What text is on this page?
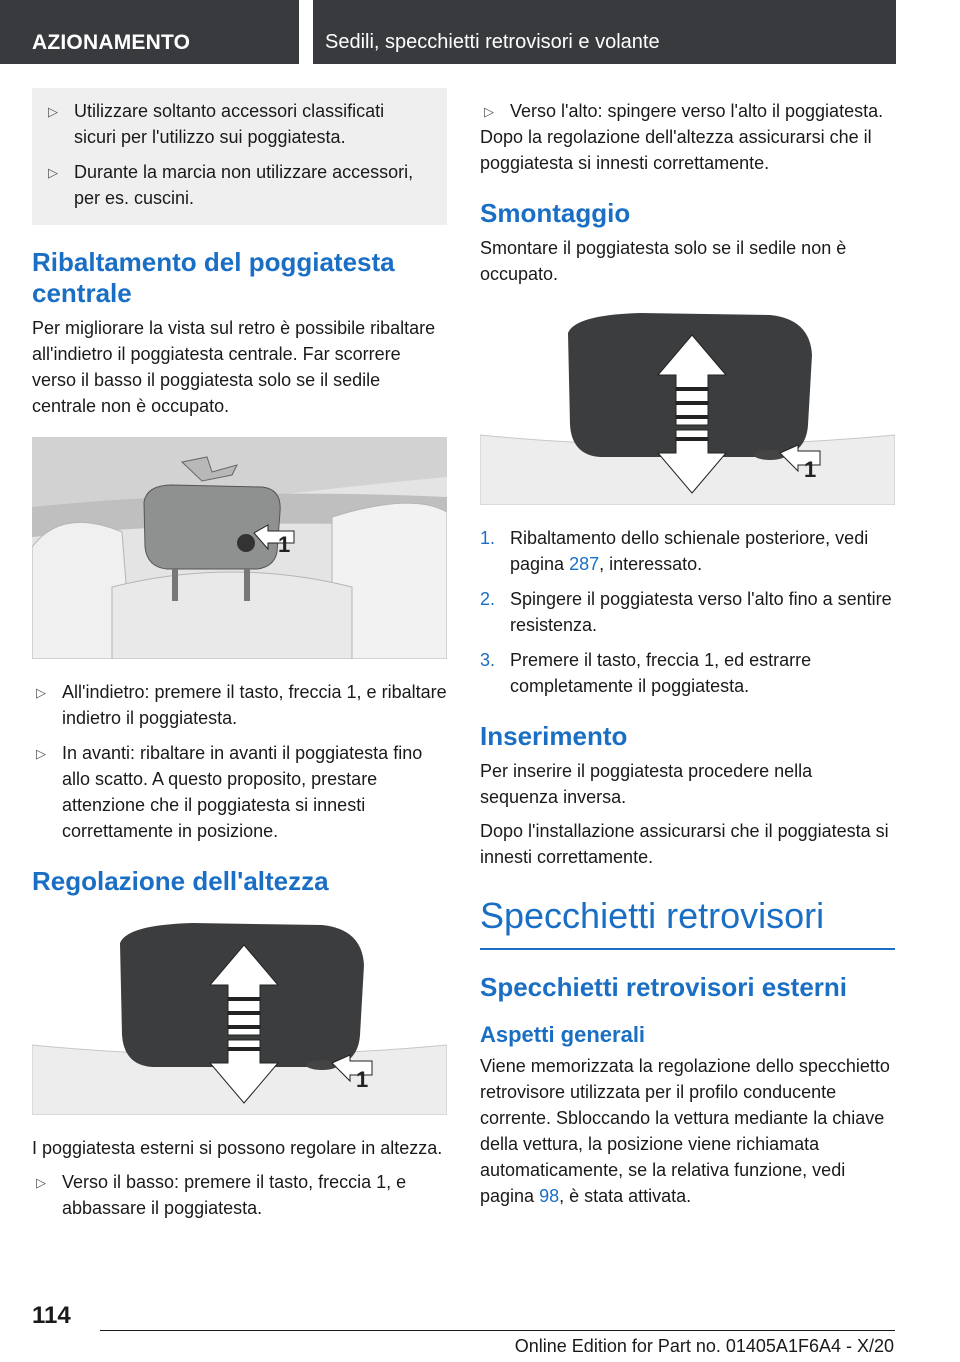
AZIONAMENTO	Sedili, specchietti retrovisori e volante
▷ Utilizzare soltanto accessori classificati sicuri per l'utilizzo sui poggiatesta.
▷ Durante la marcia non utilizzare accessori, per es. cuscini.
Ribaltamento del poggiatesta centrale

Per migliorare la vista sul retro è possibile ribaltare all'indietro il poggiatesta centrale. Far scorrere verso il basso il poggiatesta solo se il sedile centrale non è occupato.

1
▷ All'indietro: premere il tasto, freccia 1, e ribaltare indietro il poggiatesta.
▷ In avanti: ribaltare in avanti il poggiatesta fino allo scatto. A questo proposito, prestare attenzione che il poggiatesta si innesti correttamente in posizione.
Regolazione dell'altezza
1

I poggiatesta esterni si possono regolare in altezza.

▷ Verso il basso: premere il tasto, freccia 1, e abbassare il poggiatesta.
▷ Verso l'alto: spingere verso l'alto il poggiatesta.

Dopo la regolazione dell'altezza assicurarsi che il poggiatesta si innesti correttamente.

Smontaggio

Smontare il poggiatesta solo se il sedile non è occupato.

1
1. Ribaltamento dello schienale posteriore, vedi pagina 287, interessato.
2. Spingere il poggiatesta verso l'alto fino a sentire resistenza.
3. Premere il tasto, freccia 1, ed estrarre completamente il poggiatesta.
Inserimento

Per inserire il poggiatesta procedere nella sequenza inversa.

Dopo l'installazione assicurarsi che il poggiatesta si innesti correttamente.

Specchietti retrovisori
Specchietti retrovisori esterni
Aspetti generali

Viene memorizzata la regolazione dello specchietto retrovisore utilizzata per il profilo conducente corrente. Sbloccando la vettura mediante la chiave della vettura, la posizione viene richiamata automaticamente, se la relativa funzione, vedi pagina 98, è stata attivata.

114
Online Edition for Part no. 01405A1F6A4 - X/20
